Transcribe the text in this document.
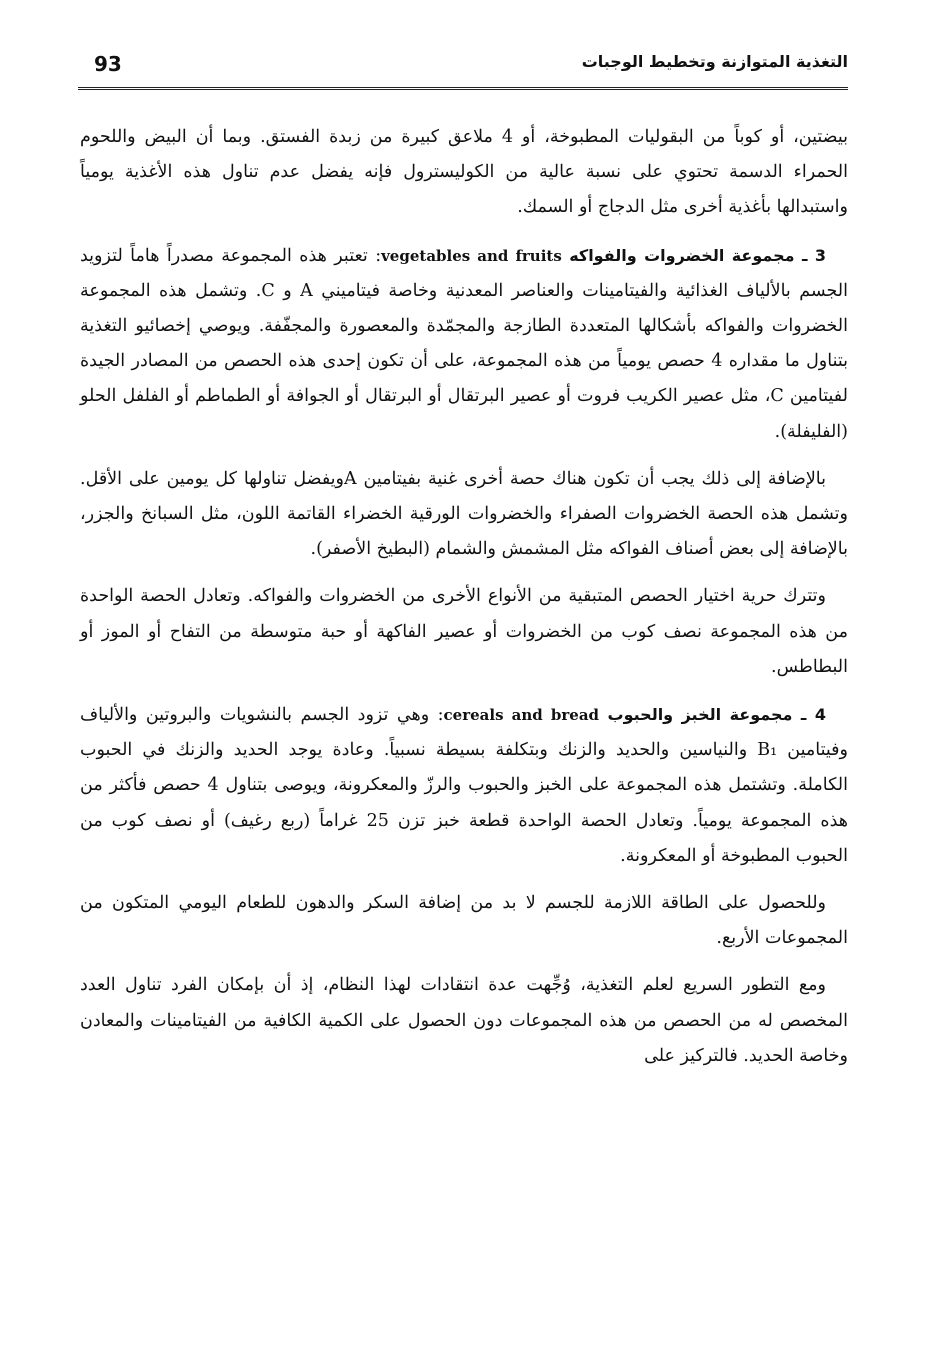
93	التغذية المتوازنة وتخطيط الوجبات

بيضتين، أو كوباً من البقوليات المطبوخة، أو 4 ملاعق كبيرة من زبدة الفستق. وبما أن البيض واللحوم الحمراء الدسمة تحتوي على نسبة عالية من الكوليسترول فإنه يفضل عدم تناول هذه الأغذية يومياً واستبدالها بأغذية أخرى مثل الدجاج أو السمك.

3 ـ مجموعة الخضروات والفواكه vegetables and fruits: تعتبر هذه المجموعة مصدراً هاماً لتزويد الجسم بالألياف الغذائية والفيتامينات والعناصر المعدنية وخاصة فيتاميني A و C. وتشمل هذه المجموعة الخضروات والفواكه بأشكالها المتعددة الطازجة والمجمّدة والمعصورة والمجفّفة. ويوصي إخصائيو التغذية بتناول ما مقداره 4 حصص يومياً من هذه المجموعة، على أن تكون إحدى هذه الحصص من المصادر الجيدة لفيتامين C، مثل عصير الكريب فروت أو عصير البرتقال أو البرتقال أو الجوافة أو الطماطم أو الفلفل الحلو (الفليفلة).

بالإضافة إلى ذلك يجب أن تكون هناك حصة أخرى غنية بفيتامين Aويفضل تناولها كل يومين على الأقل. وتشمل هذه الحصة الخضروات الصفراء والخضروات الورقية الخضراء القاتمة اللون، مثل السبانخ والجزر، بالإضافة إلى بعض أصناف الفواكه مثل المشمش والشمام (البطيخ الأصفر).

وتترك حرية اختيار الحصص المتبقية من الأنواع الأخرى من الخضروات والفواكه. وتعادل الحصة الواحدة من هذه المجموعة نصف كوب من الخضروات أو عصير الفاكهة أو حبة متوسطة من التفاح أو الموز أو البطاطس.

4 ـ مجموعة الخبز والحبوب cereals and bread: وهي تزود الجسم بالنشويات والبروتين والألياف وفيتامين B₁ والنياسين والحديد والزنك وبتكلفة بسيطة نسبياً. وعادة يوجد الحديد والزنك في الحبوب الكاملة. وتشتمل هذه المجموعة على الخبز والحبوب والرزّ والمعكرونة، ويوصى بتناول 4 حصص فأكثر من هذه المجموعة يومياً. وتعادل الحصة الواحدة قطعة خبز تزن 25 غراماً (ربع رغيف) أو نصف كوب من الحبوب المطبوخة أو المعكرونة.

وللحصول على الطاقة اللازمة للجسم لا بد من إضافة السكر والدهون للطعام اليومي المتكون من المجموعات الأربع.

ومع التطور السريع لعلم التغذية، وُجِّهت عدة انتقادات لهذا النظام، إذ أن بإمكان الفرد تناول العدد المخصص له من الحصص من هذه المجموعات دون الحصول على الكمية الكافية من الفيتامينات والمعادن وخاصة الحديد. فالتركيز على
